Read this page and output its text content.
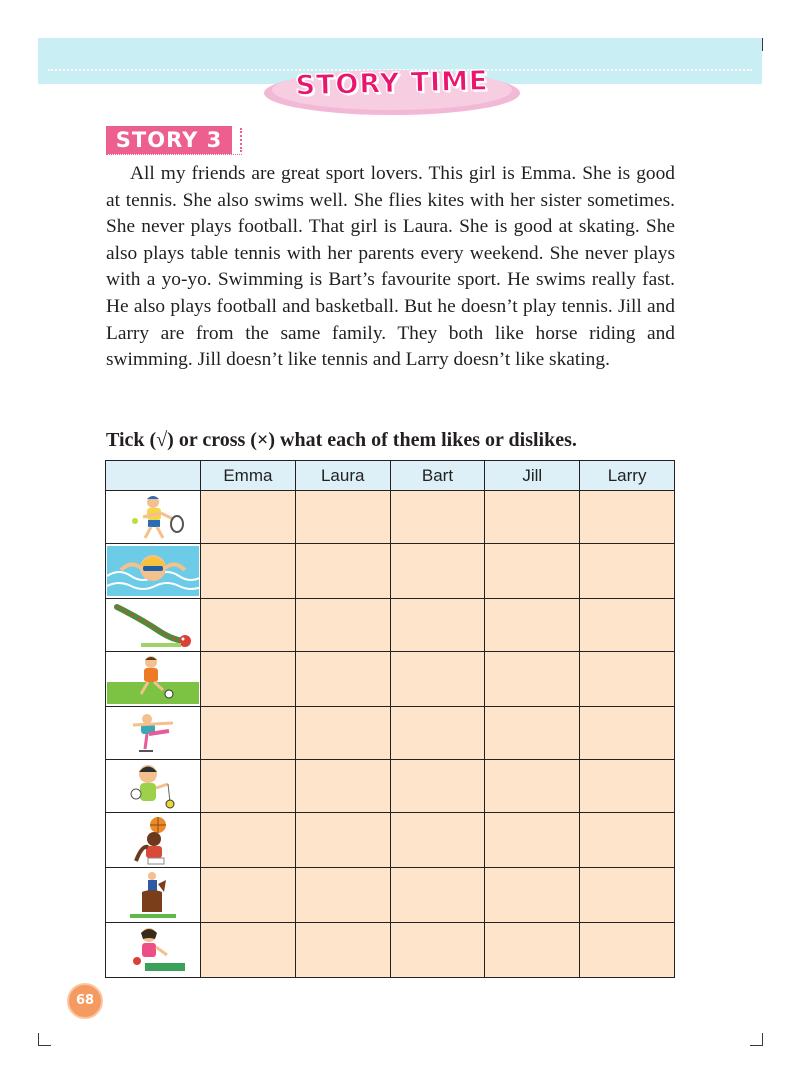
STORY TIME
STORY 3

All my friends are great sport lovers. This girl is Emma. She is good at tennis. She also swims well. She flies kites with her sister sometimes. She never plays football. That girl is Laura. She is good at skating. She also plays table tennis with her parents every weekend. She never plays with a yo-yo. Swimming is Bart’s favourite sport. He swims really fast. He also plays football and basketball. But he doesn’t play tennis. Jill and Larry are from the same family. They both like horse riding and swimming. Jill doesn’t like tennis and Larry doesn’t like skating.

Tick (√) or cross (×) what each of them likes or dislikes.

	Emma	Laura	Bart	Jill	Larry

68
